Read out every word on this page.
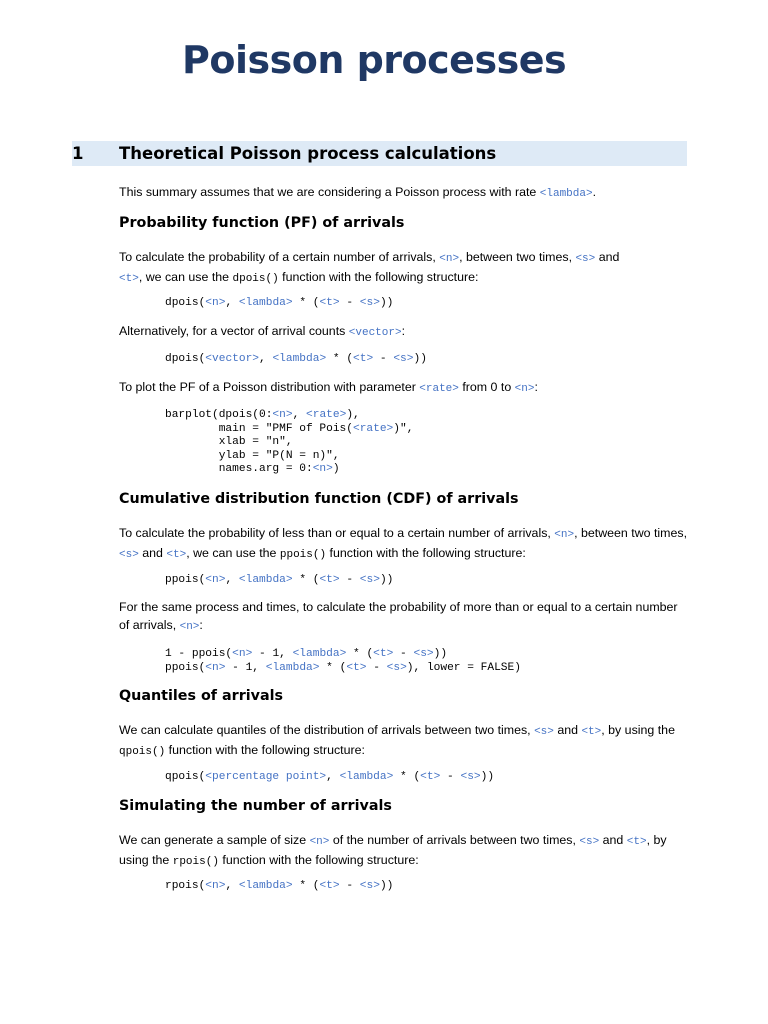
Poisson processes
1	Theoretical Poisson process calculations

This summary assumes that we are considering a Poisson process with rate <lambda>.

Probability function (PF) of arrivals

To calculate the probability of a certain number of arrivals, <n>, between two times, <s> and
<t>, we can use the dpois() function with the following structure:

dpois(<n>, <lambda> * (<t> - <s>))

Alternatively, for a vector of arrival counts <vector>:

dpois(<vector>, <lambda> * (<t> - <s>))

To plot the PF of a Poisson distribution with parameter <rate> from 0 to <n>:

barplot(dpois(0:<n>, <rate>),
main = "PMF of Pois(<rate>)",
xlab = "n",
ylab = "P(N = n)",
names.arg = 0:<n>)
Cumulative distribution function (CDF) of arrivals

To calculate the probability of less than or equal to a certain number of arrivals, <n>, between two times, <s> and <t>, we can use the ppois() function with the following structure:

ppois(<n>, <lambda> * (<t> - <s>))

For the same process and times, to calculate the probability of more than or equal to a certain number of arrivals, <n>:

1 - ppois(<n> - 1, <lambda> * (<t> - <s>))
ppois(<n> - 1, <lambda> * (<t> - <s>), lower = FALSE)
Quantiles of arrivals

We can calculate quantiles of the distribution of arrivals between two times, <s> and <t>, by using the qpois() function with the following structure:

qpois(<percentage point>, <lambda> * (<t> - <s>))
Simulating the number of arrivals

We can generate a sample of size <n> of the number of arrivals between two times, <s> and <t>, by using the rpois() function with the following structure:

rpois(<n>, <lambda> * (<t> - <s>))
